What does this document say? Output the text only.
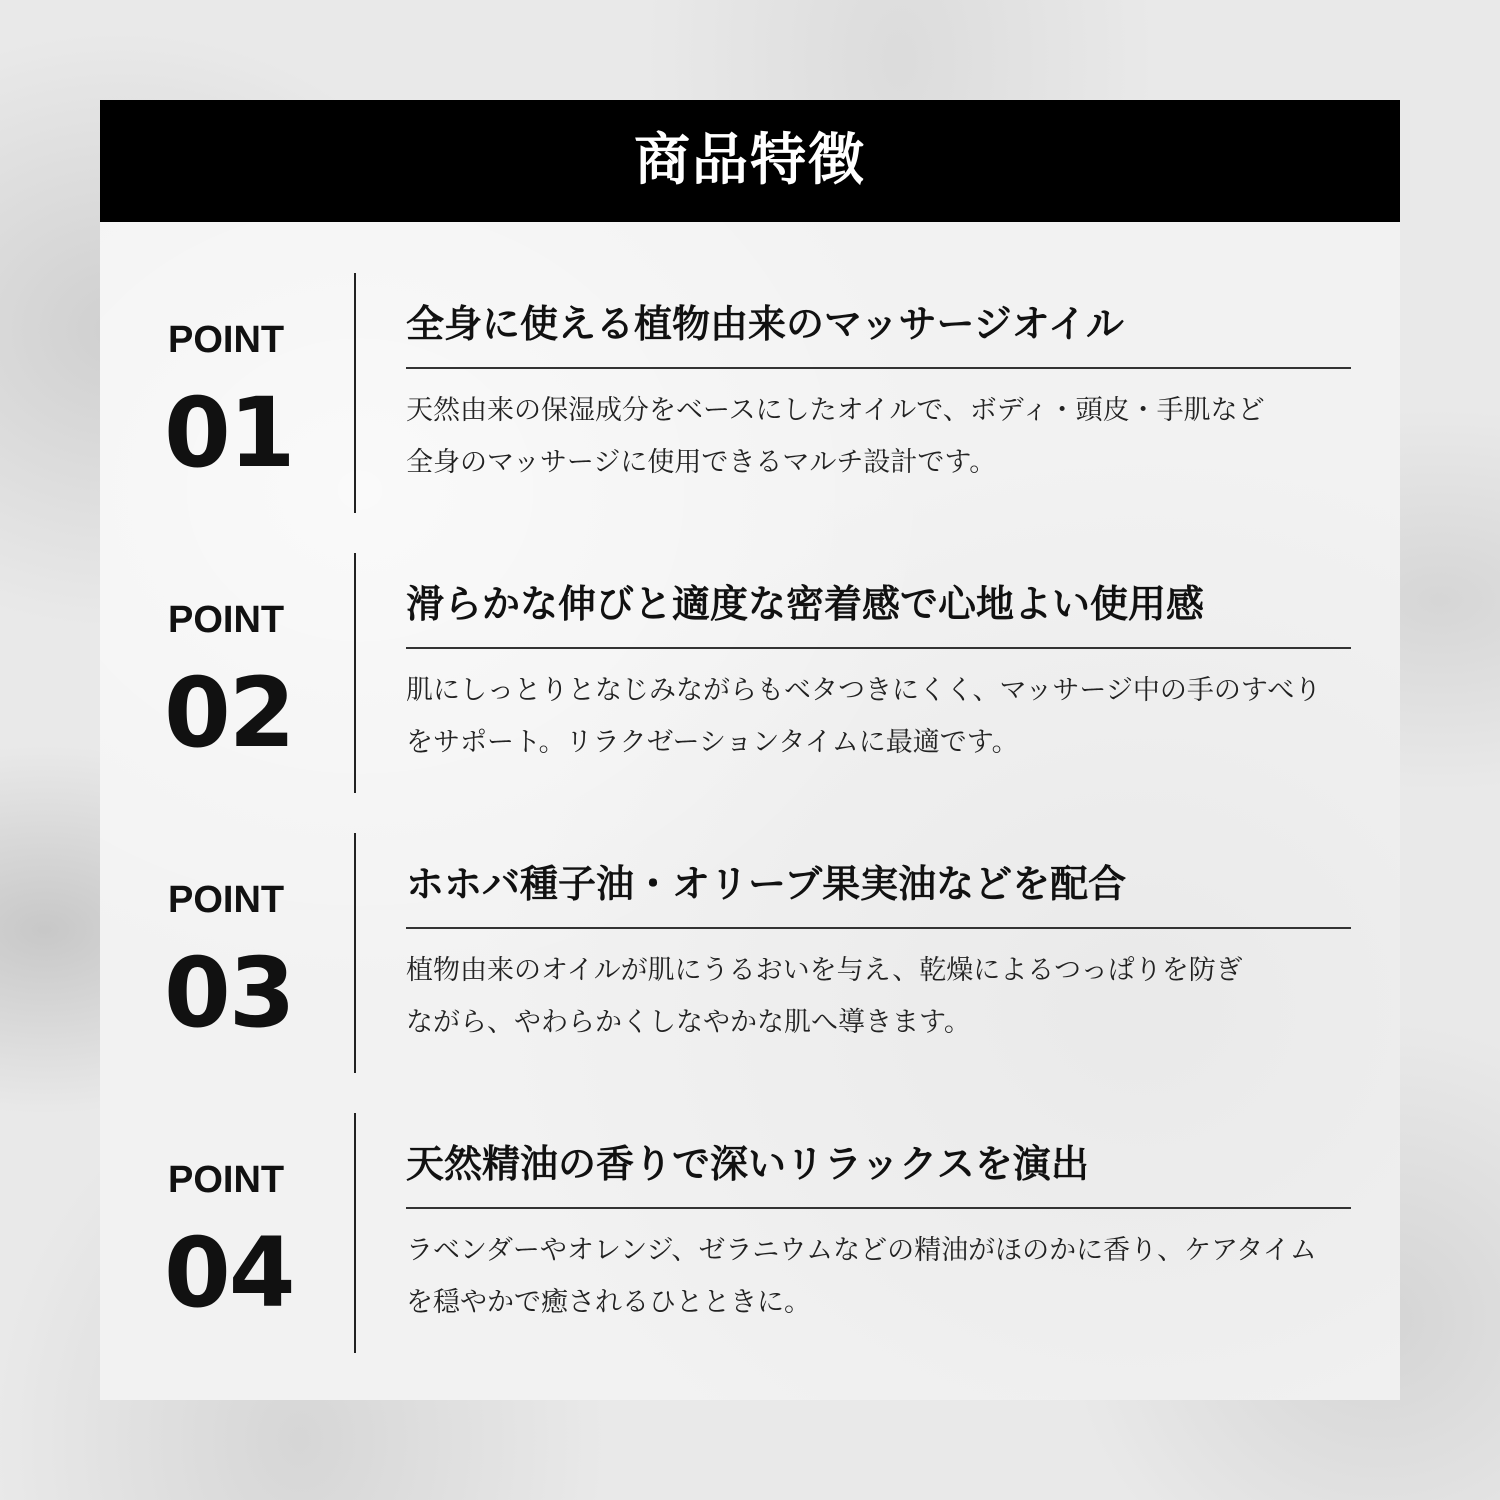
商品特徴
POINT
01
全身に使える植物由来のマッサージオイル
天然由来の保湿成分をベースにしたオイルで、ボディ・頭皮・手肌など
全身のマッサージに使用できるマルチ設計です。
POINT
02
滑らかな伸びと適度な密着感で心地よい使用感
肌にしっとりとなじみながらもベタつきにくく、マッサージ中の手のすべり
をサポート。リラクゼーションタイムに最適です。
POINT
03
ホホバ種子油・オリーブ果実油などを配合
植物由来のオイルが肌にうるおいを与え、乾燥によるつっぱりを防ぎ
ながら、やわらかくしなやかな肌へ導きます。
POINT
04
天然精油の香りで深いリラックスを演出
ラベンダーやオレンジ、ゼラニウムなどの精油がほのかに香り、ケアタイム
を穏やかで癒されるひとときに。
